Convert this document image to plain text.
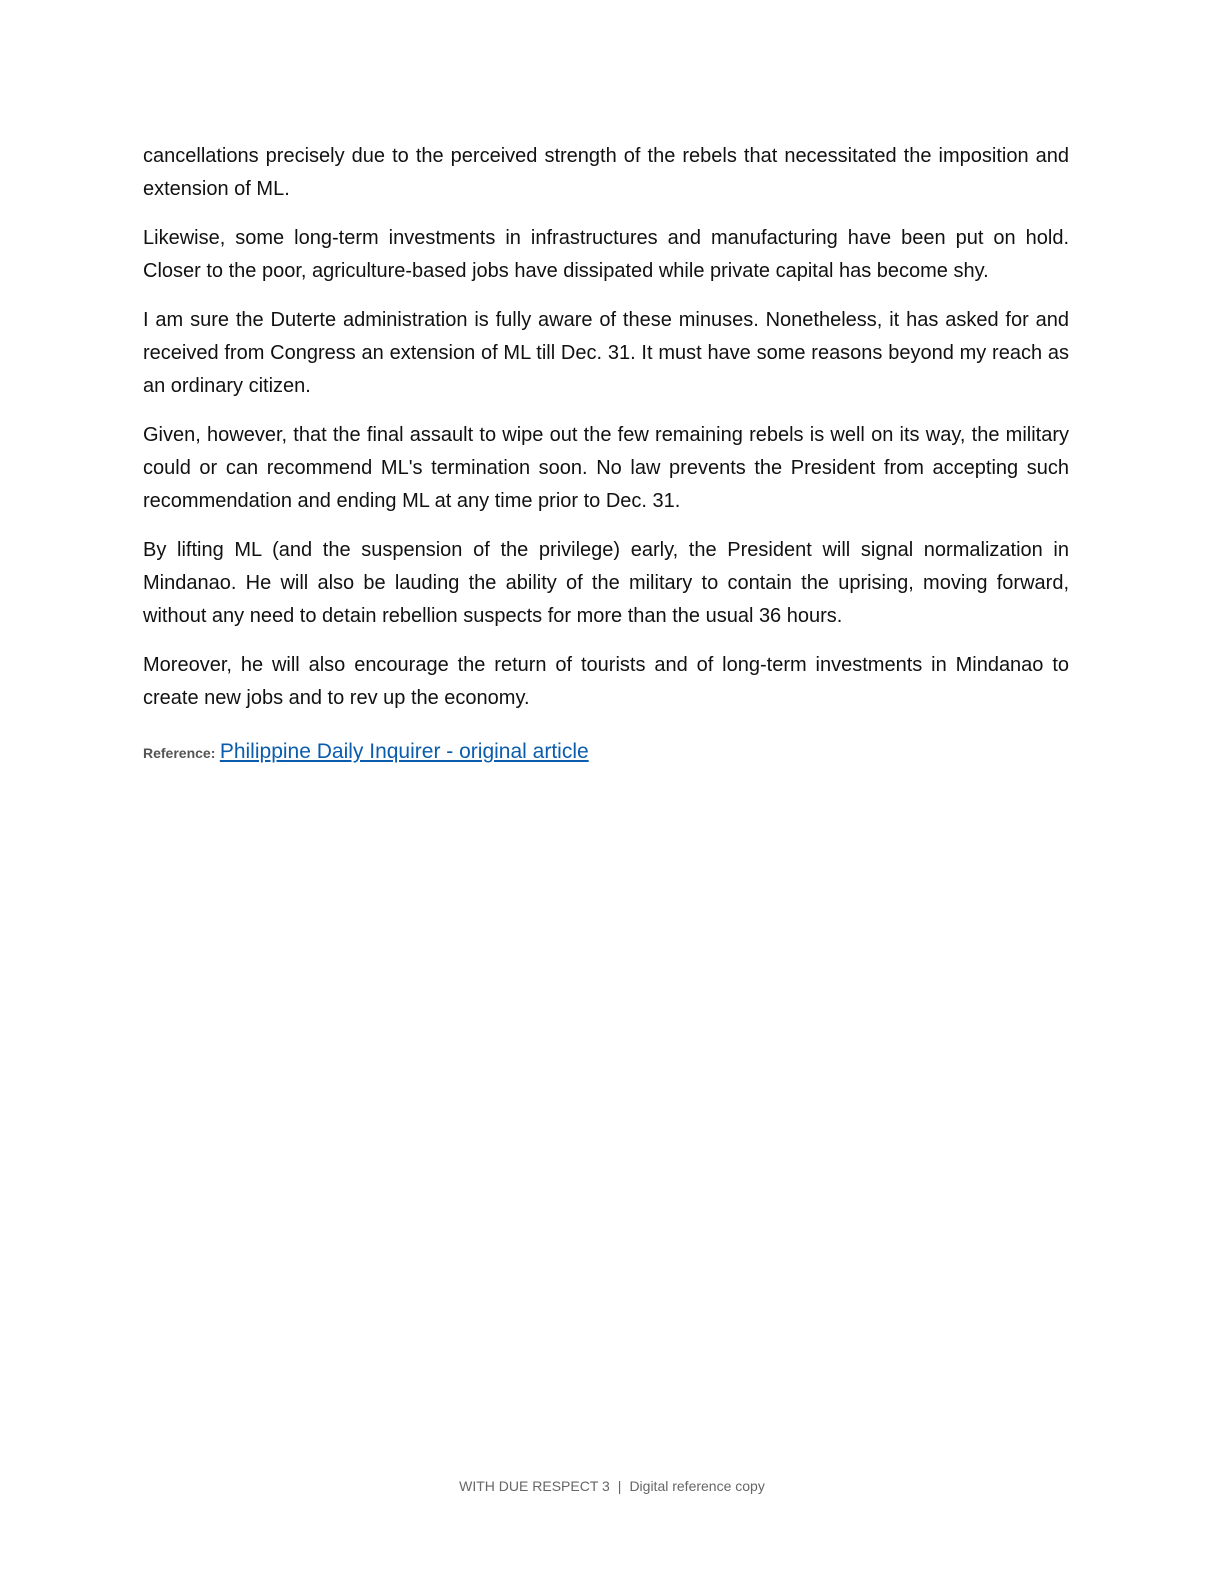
cancellations precisely due to the perceived strength of the rebels that necessitated the imposition and extension of ML.

Likewise, some long-term investments in infrastructures and manufacturing have been put on hold. Closer to the poor, agriculture-based jobs have dissipated while private capital has become shy.

I am sure the Duterte administration is fully aware of these minuses. Nonetheless, it has asked for and received from Congress an extension of ML till Dec. 31. It must have some reasons beyond my reach as an ordinary citizen.

Given, however, that the final assault to wipe out the few remaining rebels is well on its way, the military could or can recommend ML's termination soon. No law prevents the President from accepting such recommendation and ending ML at any time prior to Dec. 31.

By lifting ML (and the suspension of the privilege) early, the President will signal normalization in Mindanao. He will also be lauding the ability of the military to contain the uprising, moving forward, without any need to detain rebellion suspects for more than the usual 36 hours.

Moreover, he will also encourage the return of tourists and of long-term investments in Mindanao to create new jobs and to rev up the economy.

Reference: Philippine Daily Inquirer - original article
WITH DUE RESPECT 3 | Digital reference copy
